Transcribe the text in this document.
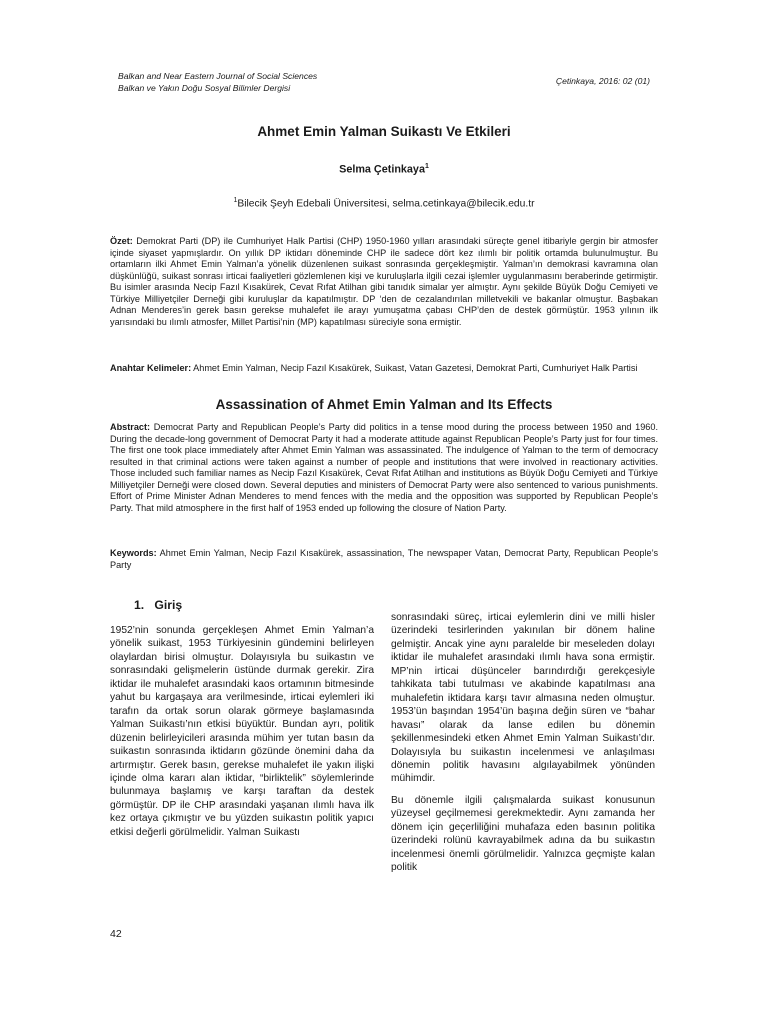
Balkan and Near Eastern Journal of Social Sciences
Balkan ve Yakın Doğu Sosyal Bilimler Dergisi
Çetinkaya, 2016: 02 (01)
Ahmet Emin Yalman Suikastı Ve Etkileri
Selma Çetinkaya$^1$
$^1$Bilecik Şeyh Edebali Üniversitesi, selma.cetinkaya@bilecik.edu.tr
Özet: Demokrat Parti (DP) ile Cumhuriyet Halk Partisi (CHP) 1950-1960 yılları arasındaki süreçte genel itibariyle gergin bir atmosfer içinde siyaset yapmışlardır. On yıllık DP iktidarı döneminde CHP ile sadece dört kez ılımlı bir politik ortamda bulunulmuştur. Bu ortamların ilki Ahmet Emin Yalman’a yönelik düzenlenen suikast sonrasında gerçekleşmiştir. Yalman’ın demokrasi kavramına olan düşkünlüğü, suikast sonrası irticai faaliyetleri gözlemlenen kişi ve kuruluşlarla ilgili cezai işlemler uygulanmasını beraberinde getirmiştir. Bu isimler arasında Necip Fazıl Kısakürek, Cevat Rıfat Atilhan gibi tanıdık simalar yer almıştır. Aynı şekilde Büyük Doğu Cemiyeti ve Türkiye Milliyetçiler Derneği gibi kuruluşlar da kapatılmıştır. DP ‘den de cezalandırılan milletvekili ve bakanlar olmuştur. Başbakan Adnan Menderes’in gerek basın gerekse muhalefet ile arayı yumuşatma çabası CHP’den de destek görmüştür. 1953 yılının ilk yarısındaki bu ılımlı atmosfer, Millet Partisi’nin (MP) kapatılması süreciyle sona ermiştir.
Anahtar Kelimeler: Ahmet Emin Yalman, Necip Fazıl Kısakürek, Suikast, Vatan Gazetesi, Demokrat Parti, Cumhuriyet Halk Partisi
Assassination of Ahmet Emin Yalman and Its Effects
Abstract: Democrat Party and Republican People’s Party did politics in a tense mood during the process between 1950 and 1960. During the decade-long government of Democrat Party it had a moderate attitude against Republican People’s Party just for four times. The first one took place immediately after Ahmet Emin Yalman was assassinated. The indulgence of Yalman to the term of democracy resulted in that criminal actions were taken against a number of people and institutions that were involved in reactionary activities. Those included such familiar names as Necip Fazıl Kısakürek, Cevat Rıfat Atilhan and institutions as Büyük Doğu Cemiyeti and Türkiye Milliyetçiler Derneği were closed down. Several deputies and ministers of Democrat Party were also sentenced to various punishments. Effort of Prime Minister Adnan Menderes to mend fences with the media and the opposition was supported by Republican People’s Party. That mild atmosphere in the first half of 1953 ended up following the closure of Nation Party.
Keywords: Ahmet Emin Yalman, Necip Fazıl Kısakürek, assassination, The newspaper Vatan, Democrat Party, Republican People’s Party
1. Giriş

1952’nin sonunda gerçekleşen Ahmet Emin Yalman’a yönelik suikast, 1953 Türkiyesinin gündemini belirleyen olaylardan birisi olmuştur. Dolayısıyla bu suikastın ve sonrasındaki gelişmelerin üstünde durmak gerekir. Zira iktidar ile muhalefet arasındaki kaos ortamının bitmesinde yahut bu kargaşaya ara verilmesinde, irticai eylemleri iki tarafın da ortak sorun olarak görmeye başlamasında Yalman Suikastı’nın etkisi büyüktür. Bundan ayrı, politik düzenin belirleyicileri arasında mühim yer tutan basın da suikastın sonrasında iktidarın gözünde önemini daha da artırmıştır. Gerek basın, gerekse muhalefet ile yakın ilişki içinde olma kararı alan iktidar, “birliktelik” söylemlerinde bulunmaya başlamış ve karşı taraftan da destek görmüştür. DP ile CHP arasındaki yaşanan ılımlı hava ilk kez ortaya çıkmıştır ve bu yüzden suikastın politik yapıcı etkisi değerli görülmelidir. Yalman Suikastı

sonrasındaki süreç, irticai eylemlerin dini ve milli hisler üzerindeki tesirlerinden yakınılan bir dönem haline gelmiştir. Ancak yine aynı paralelde bir meseleden dolayı iktidar ile muhalefet arasındaki ılımlı hava sona ermiştir. MP’nin irticai düşünceler barındırdığı gerekçesiyle tahkikata tabi tutulması ve akabinde kapatılması ana muhalefetin iktidara karşı tavır almasına neden olmuştur. 1953’ün başından 1954’ün başına değin süren ve “bahar havası” olarak da lanse edilen bu dönemin şekillenmesindeki etken Ahmet Emin Yalman Suikastı’dır. Dolayısıyla bu suikastın incelenmesi ve anlaşılması dönemin politik havasını algılayabilmek yönünden mühimdir.

Bu dönemle ilgili çalışmalarda suikast konusunun yüzeysel geçilmemesi gerekmektedir. Aynı zamanda her dönem için geçerliliğini muhafaza eden basının politika üzerindeki rolünü kavrayabilmek adına da bu suikastın incelenmesi önemli görülmelidir. Yalnızca geçmişte kalan politik

42
